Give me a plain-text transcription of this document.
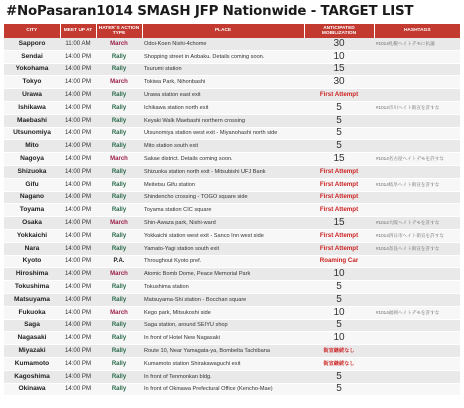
#NoPasaran1014 SMASH JFP Nationwide - TARGET LIST
CITY	MEET UP AT	HATER`S ACTION TYPE	PLACE	ANTICIPATED MOBILIZATION	HASHTAGS
Sapporo	11:00 AM	March	Odoi-Koen Nishi-4chome	30	#1014札幌ヘイトデモに抗議
Sendai	14:00 PM	Rally	Shopping street in Aobaku. Details coming soon.	10	
Yokohama	14:00 PM	Rally	Tsurumi station	15	
Tokyo	14:00 PM	March	Tokiwa Park, Nihonbashi	30	
Urawa	14:00 PM	Rally	Urawa station east exit	First Attempt	
Ishikawa	14:00 PM	Rally	Ichikawa station north exit	5	#1014市川ヘイト街宣を許すな
Maebashi	14:00 PM	Rally	Keyaki Walk Maebashi northern crossing	5	
Utsunomiya	14:00 PM	Rally	Utsunomiya station west exit - Miyanohashi north side	5	
Mito	14:00 PM	Rally	Mito station south exit	5	
Nagoya	14:00 PM	March	Sakae district. Details coming soon.	15	#1014名古屋ヘイトデモを許すな
Shizuoka	14:00 PM	Rally	Shizuoka station north exit - Mitsubishi UFJ Bank	First Attempt	
Gifu	14:00 PM	Rally	Meitetsu Gifu station	First Attempt	#1014岐阜ヘイト街宣を許すな
Nagano	14:00 PM	Rally	Shindencho crossing - TOGO square side	First Attempt	
Toyama	14:00 PM	Rally	Toyama station CIC square	First Attempt	
Osaka	14:00 PM	March	Shin-Awaza park, Nishi-ward	15	#1014大阪ヘイトデモを許すな
Yokkaichi	14:00 PM	Rally	Yokkaichi station west exit - Sanco Inn west side	First Attempt	#1014四日市ヘイト街宣を許すな
Nara	14:00 PM	Rally	Yamato-Yagi station south exit	First Attempt	#1014奈良ヘイト街宣を許すな
Kyoto	14:00 PM	P.A.	Throughout Kyoto pref.	Roaming Car	
Hiroshima	14:00 PM	March	Atomic Bomb Dome, Peace Memorial Park	10	
Tokushima	14:00 PM	Rally	Tokushima station	5	
Matsuyama	14:00 PM	Rally	Matsuyama-Shi station - Bocchan square	5	
Fukuoka	14:00 PM	March	Kego park, Mitsukoshi side	10	#1014福岡ヘイトデモを許すな
Saga	14:00 PM	Rally	Saga station, around SEIYU shop	5	
Nagasaki	14:00 PM	Rally	In front of Hotel New Nagasaki	10	
Miyazaki	14:00 PM	Rally	Route 10, Near Yamagata-ya, Bombelta Tachibana	街宣継続なし	
Kumamoto	14:00 PM	Rally	Kumamoto station Shirakawaguchi exit	街宣継続なし	
Kagoshima	14:00 PM	Rally	In front of Tenmonkan bldg.	5	
Okinawa	14:00 PM	Rally	In front of Okinawa Prefectural Office (Kencho-Mae)	5	
